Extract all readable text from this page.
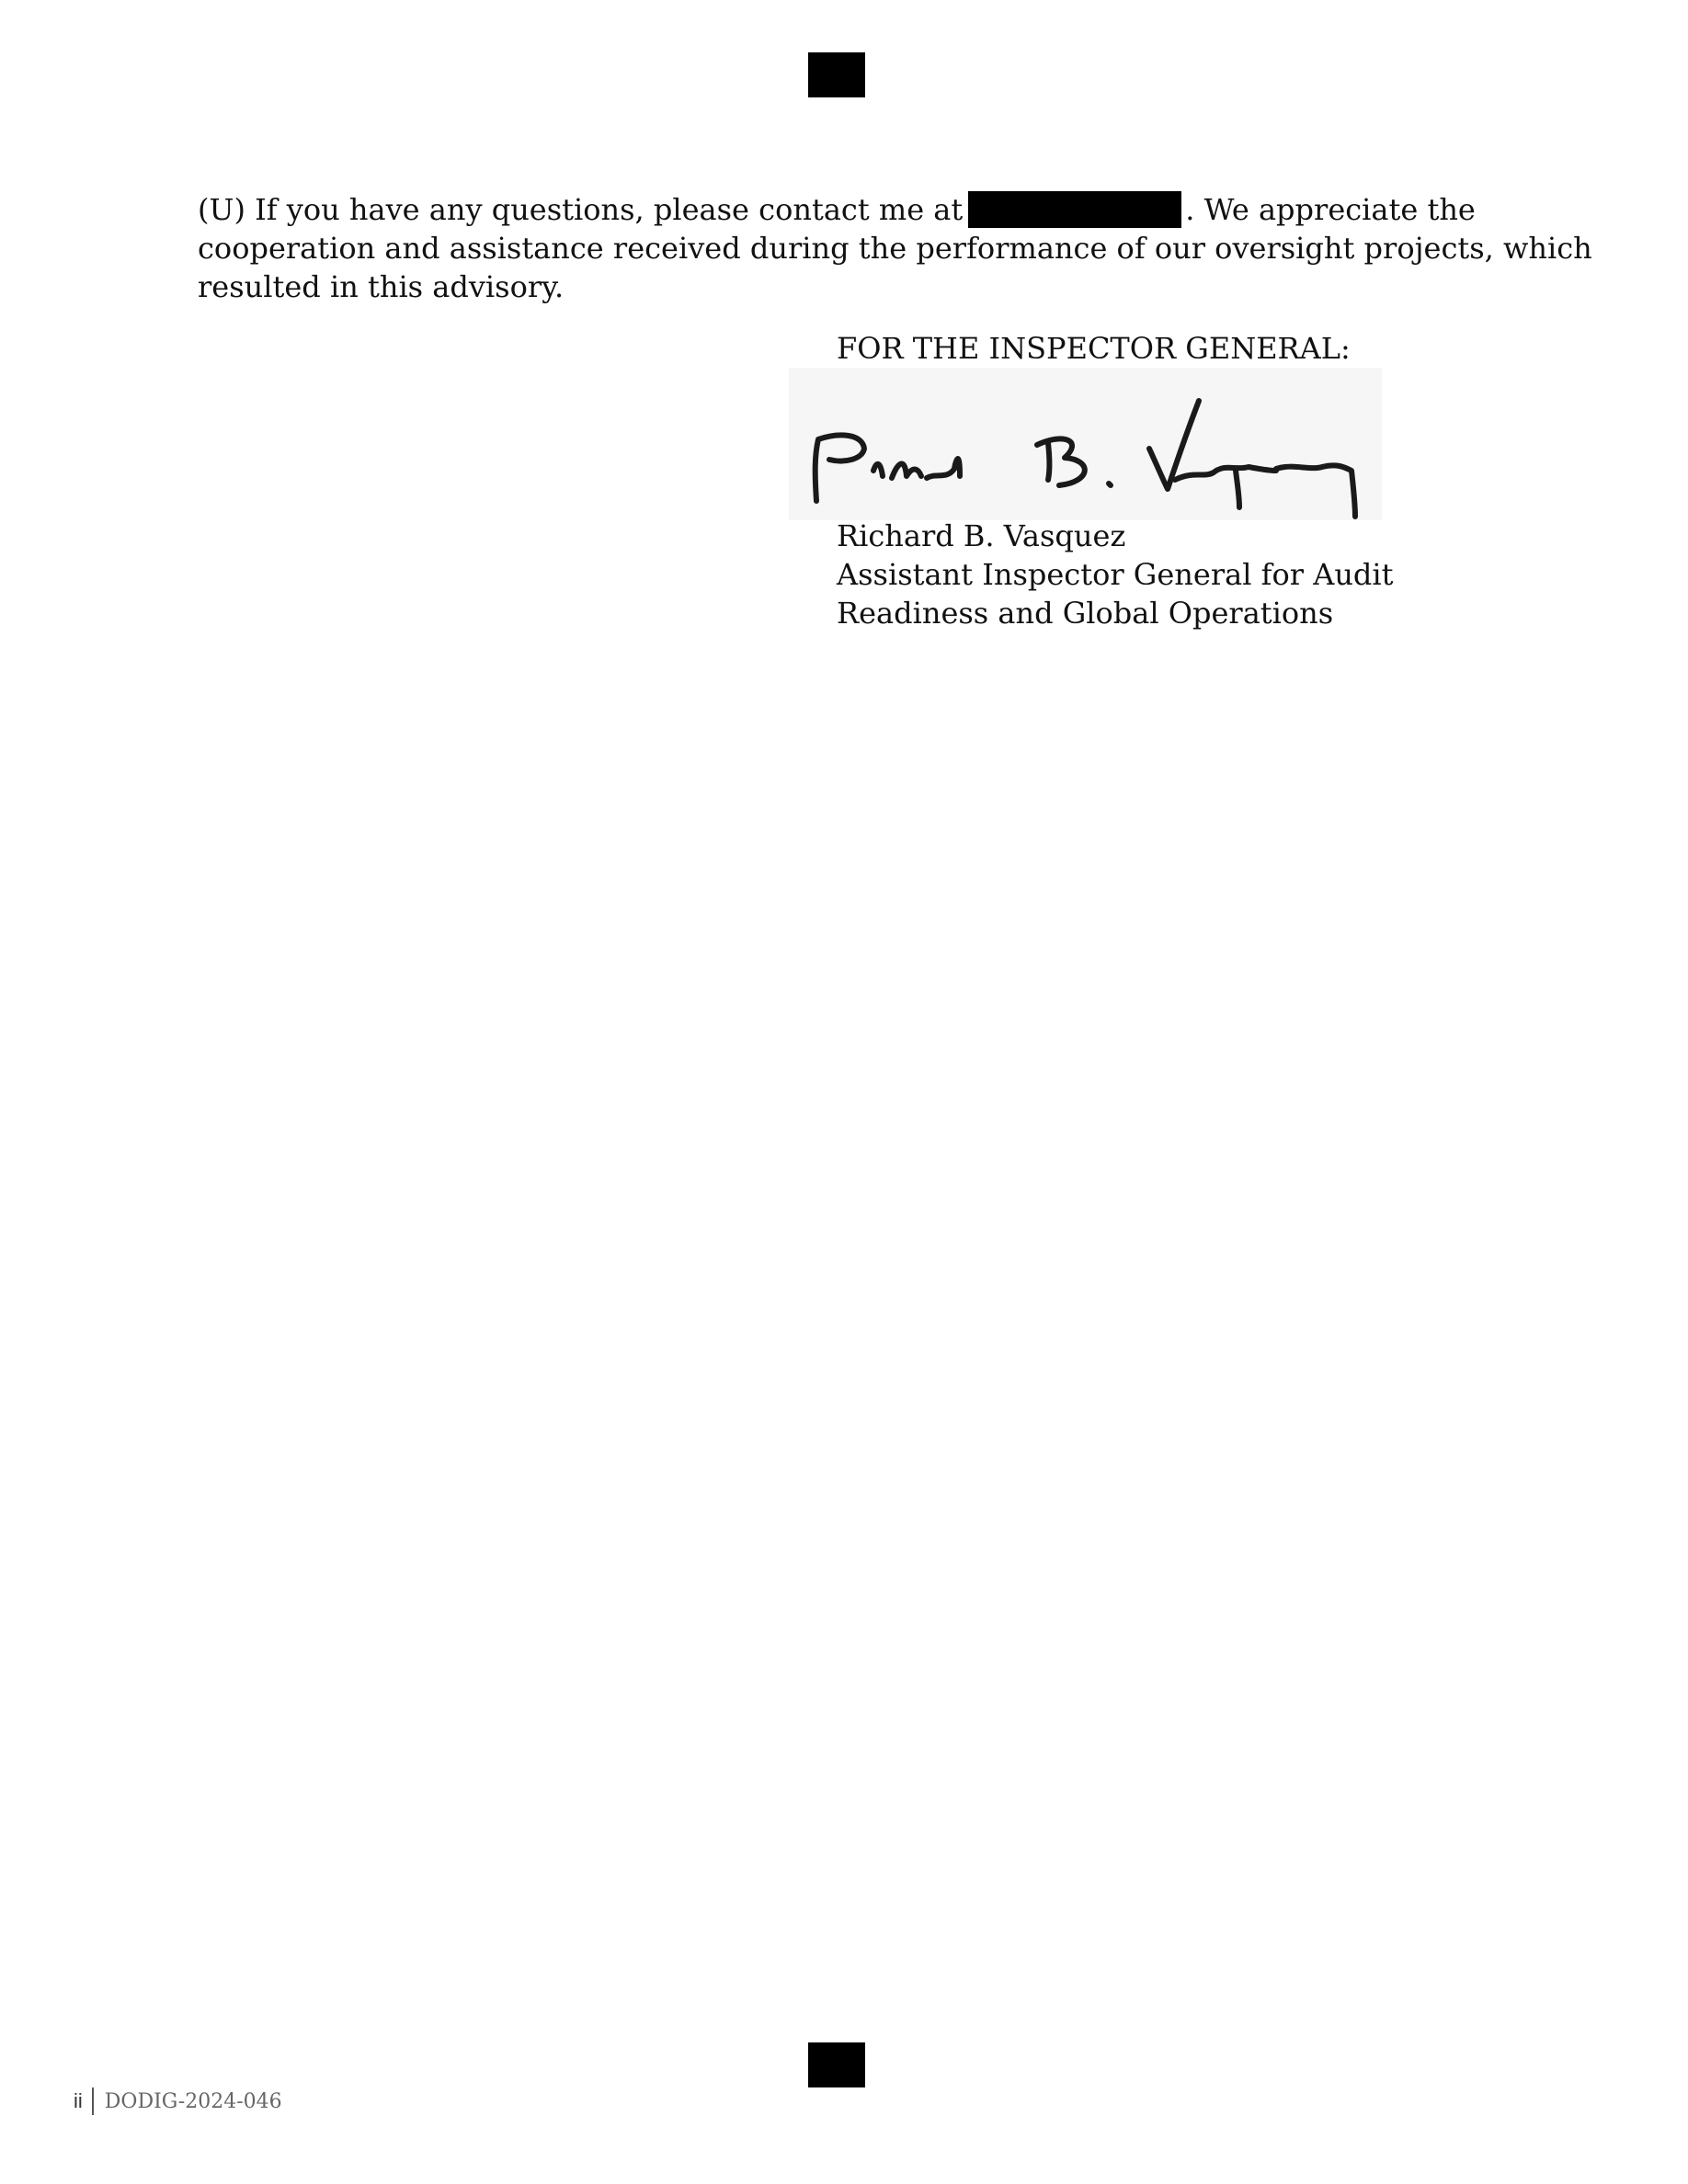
(U) If you have any questions, please contact me at	. We appreciate the
cooperation and assistance received during the performance of our oversight projects, which
resulted in this advisory.
FOR THE INSPECTOR GENERAL:
Richard B. Vasquez
Assistant Inspector General for Audit
Readiness and Global Operations
ii	DODIG-2024-046
